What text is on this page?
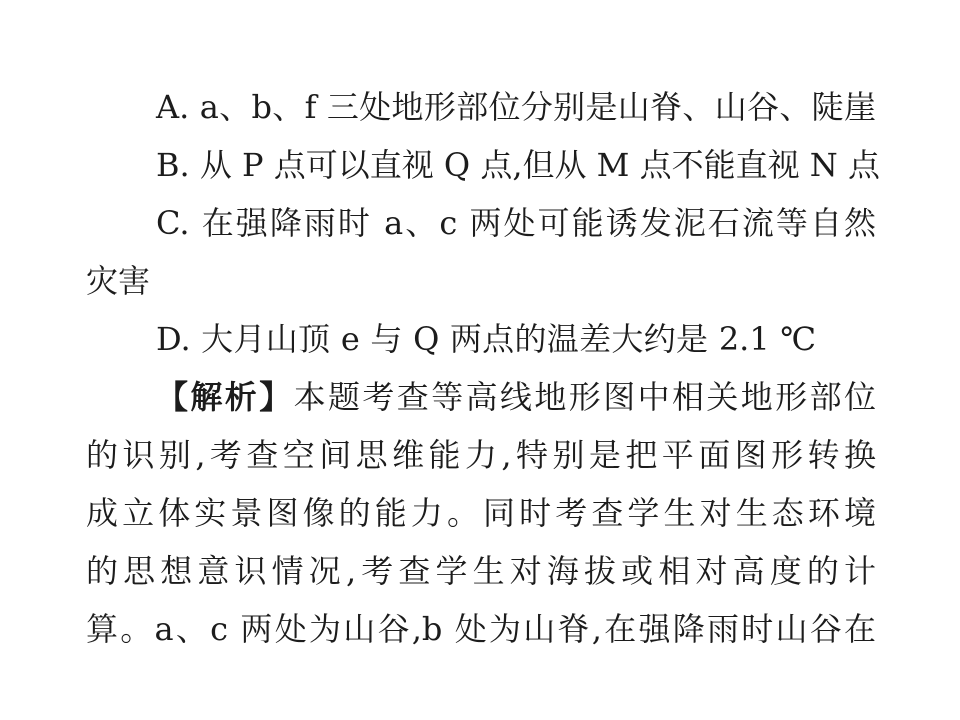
A. a、b、f 三处地形部位分别是山脊、山谷、陡崖
B. 从 P 点可以直视 Q 点,但从 M 点不能直视 N 点
C. 在强降雨时 a、c 两处可能诱发泥石流等自然
灾害
D. 大月山顶 e 与 Q 两点的温差大约是 2.1 ℃
【解析】本题考查等高线地形图中相关地形部位
的识别,考查空间思维能力,特别是把平面图形转换
成立体实景图像的能力。同时考查学生对生态环境
的思想意识情况,考查学生对海拔或相对高度的计
算。a、c 两处为山谷,b 处为山脊,在强降雨时山谷在
